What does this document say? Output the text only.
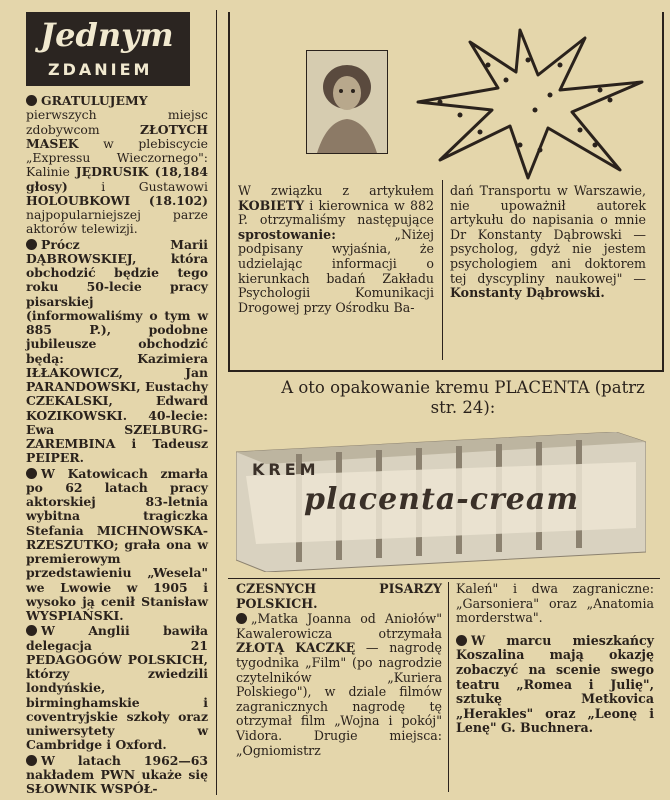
Jednym
ZDANIEM

GRATULUJEMY pierwszych miejsc zdobywcom ZŁOTYCH MASEK w plebiscycie „Expressu Wieczornego": Kalinie JĘDRUSIK (18,184 głosy) i Gustawowi HOLOUBKOWI (18.102) najpopularniejszej parze aktorów telewizji.

Prócz Marii DĄBROWSKIEJ, która obchodzić będzie tego roku 50-lecie pracy pisarskiej (informowaliśmy o tym w 885 P.), podobne jubileusze obchodzić będą: Kazimiera IŁŁAKOWICZ, Jan PARANDOWSKI, Eustachy CZEKALSKI, Edward KOZIKOWSKI. 40-lecie: Ewa SZELBURG-ZAREMBINA i Tadeusz PEIPER.

W Katowicach zmarła po 62 latach pracy aktorskiej 83-letnia wybitna tragiczka Stefania MICHNOWSKA-RZESZUTKO; grała ona w premierowym przedstawieniu „Wesela" we Lwowie w 1905 i wysoko ją cenił Stanisław WYSPIAŃSKI.

W Anglii bawiła delegacja 21 PEDAGOGÓW POLSKICH, którzy zwiedzili londyńskie, birminghamskie i coventryjskie szkoły oraz uniwersytety w Cambridge i Oxford.

W latach 1962—63 nakładem PWN ukaże się SŁOWNIK WSPÓŁ-

W związku z artykułem KOBIETY i kierownica w 882 P. otrzymaliśmy następujące sprostowanie: „Niżej podpisany wyjaśnia, że udzielając informacji o kierunkach badań Zakładu Psychologii Komunikacji Drogowej przy Ośrodku Ba-
dań Transportu w Warszawie, nie upoważnił autorek artykułu do napisania o mnie Dr Konstanty Dąbrowski — psycholog, gdyż nie jestem psychologiem ani doktorem tej dyscypliny naukowej" — Konstanty Dąbrowski.
A oto opakowanie kremu PLACENTA (patrz str. 24):
KREM
placenta-cream

CZESNYCH PISARZY POLSKICH.

„Matka Joanna od Aniołów" Kawalerowicza otrzymała ZŁOTĄ KACZKĘ — nagrodę tygodnika „Film" (po nagrodzie czytelników „Kuriera Polskiego"), w dziale filmów zagranicznych nagrodę tę otrzymał film „Wojna i pokój" Vidora. Drugie miejsca: „Ogniomistrz

Kaleń" i dwa zagraniczne: „Garsoniera" oraz „Anatomia morderstwa".

W marcu mieszkańcy Koszalina mają okazję zobaczyć na scenie swego teatru „Romea i Julię", sztukę Metkovica „Herakles" oraz „Leonę i Lenę" G. Buchnera.
